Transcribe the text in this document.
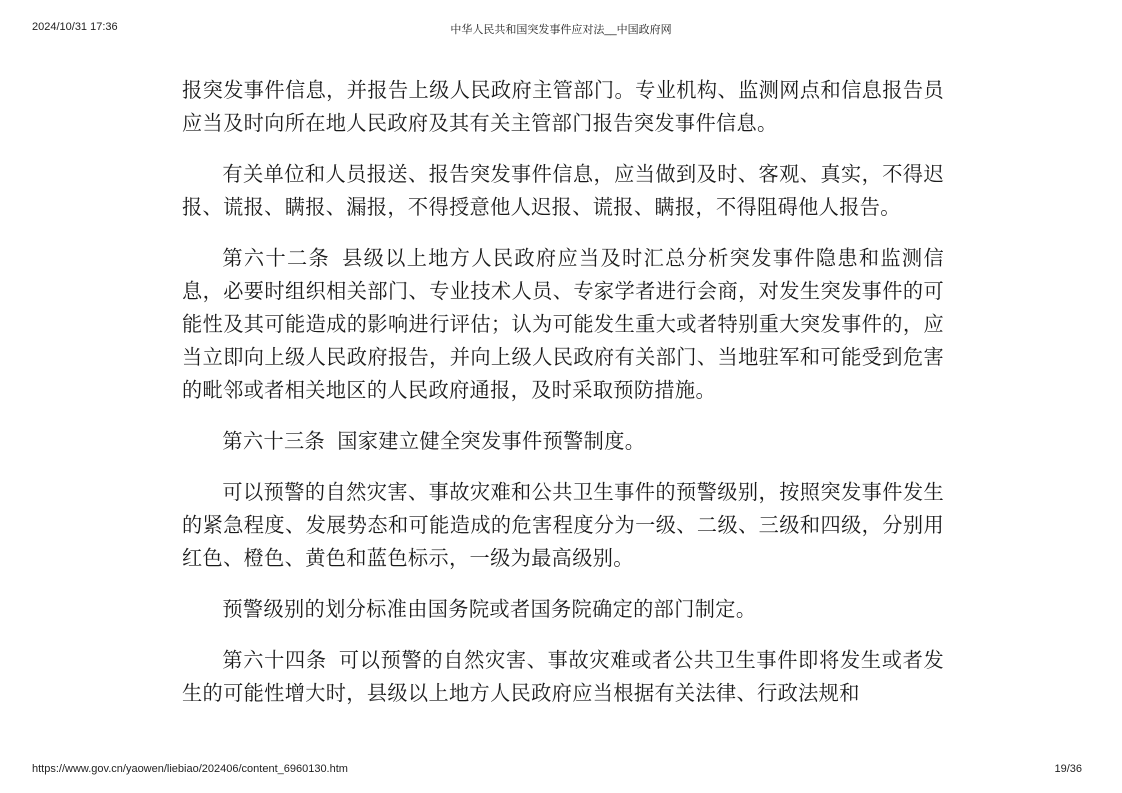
2024/10/31 17:36	中华人民共和国突发事件应对法__中国政府网

报突发事件信息，并报告上级人民政府主管部门。专业机构、监测网点和信息报告员应当及时向所在地人民政府及其有关主管部门报告突发事件信息。

有关单位和人员报送、报告突发事件信息，应当做到及时、客观、真实，不得迟报、谎报、瞒报、漏报，不得授意他人迟报、谎报、瞒报，不得阻碍他人报告。

第六十二条 县级以上地方人民政府应当及时汇总分析突发事件隐患和监测信息，必要时组织相关部门、专业技术人员、专家学者进行会商，对发生突发事件的可能性及其可能造成的影响进行评估；认为可能发生重大或者特别重大突发事件的，应当立即向上级人民政府报告，并向上级人民政府有关部门、当地驻军和可能受到危害的毗邻或者相关地区的人民政府通报，及时采取预防措施。

第六十三条 国家建立健全突发事件预警制度。

可以预警的自然灾害、事故灾难和公共卫生事件的预警级别，按照突发事件发生的紧急程度、发展势态和可能造成的危害程度分为一级、二级、三级和四级，分别用红色、橙色、黄色和蓝色标示，一级为最高级别。

预警级别的划分标准由国务院或者国务院确定的部门制定。

第六十四条 可以预警的自然灾害、事故灾难或者公共卫生事件即将发生或者发生的可能性增大时，县级以上地方人民政府应当根据有关法律、行政法规和

https://www.gov.cn/yaowen/liebiao/202406/content_6960130.htm	19/36
